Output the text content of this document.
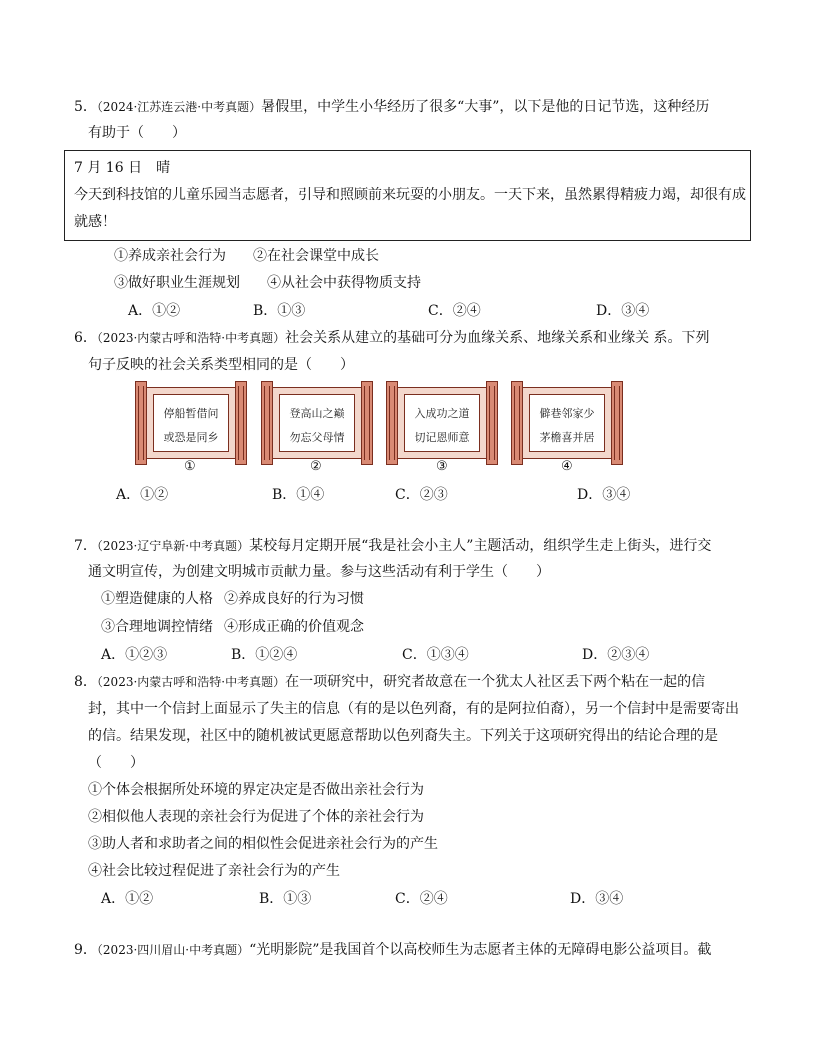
5．（2024·江苏连云港·中考真题）暑假里，中学生小华经历了很多“大事”，以下是他的日记节选，这种经历
有助于（　　）
7 月 16 日　晴
今天到科技馆的儿童乐园当志愿者，引导和照顾前来玩耍的小朋友。一天下来，虽然累得精疲力竭，却很有成
就感！
①养成亲社会行为 ②在社会课堂中成长
③做好职业生涯规划 ④从社会中获得物质支持
A．①②	B．①③	C．②④	D．③④
6．（2023·内蒙古呼和浩特·中考真题）社会关系从建立的基础可分为血缘关系、地缘关系和业缘关 系。下列
句子反映的社会关系类型相同的是（　　）
停船暂借问
或恐是同乡
登高山之巅
勿忘父母情
入成功之道
切记恩师意
僻巷邻家少
茅檐喜并居
①	②	③	④
A．①②	B．①④	C．②③	D．③④
7．（2023·辽宁阜新·中考真题）某校每月定期开展“我是社会小主人”主题活动，组织学生走上街头，进行交
通文明宣传，为创建文明城市贡献力量。参与这些活动有利于学生（　　）
①塑造健康的人格 ②养成良好的行为习惯
③合理地调控情绪 ④形成正确的价值观念
A．①②③	B．①②④	C．①③④	D．②③④
8．（2023·内蒙古呼和浩特·中考真题）在一项研究中，研究者故意在一个犹太人社区丢下两个粘在一起的信
封，其中一个信封上面显示了失主的信息（有的是以色列裔，有的是阿拉伯裔），另一个信封中是需要寄出
的信。结果发现，社区中的随机被试更愿意帮助以色列裔失主。下列关于这项研究得出的结论合理的是
（　　）
①个体会根据所处环境的界定决定是否做出亲社会行为
②相似他人表现的亲社会行为促进了个体的亲社会行为
③助人者和求助者之间的相似性会促进亲社会行为的产生
④社会比较过程促进了亲社会行为的产生
A．①②	B．①③	C．②④	D．③④
9．（2023·四川眉山·中考真题）“光明影院”是我国首个以高校师生为志愿者主体的无障碍电影公益项目。截
